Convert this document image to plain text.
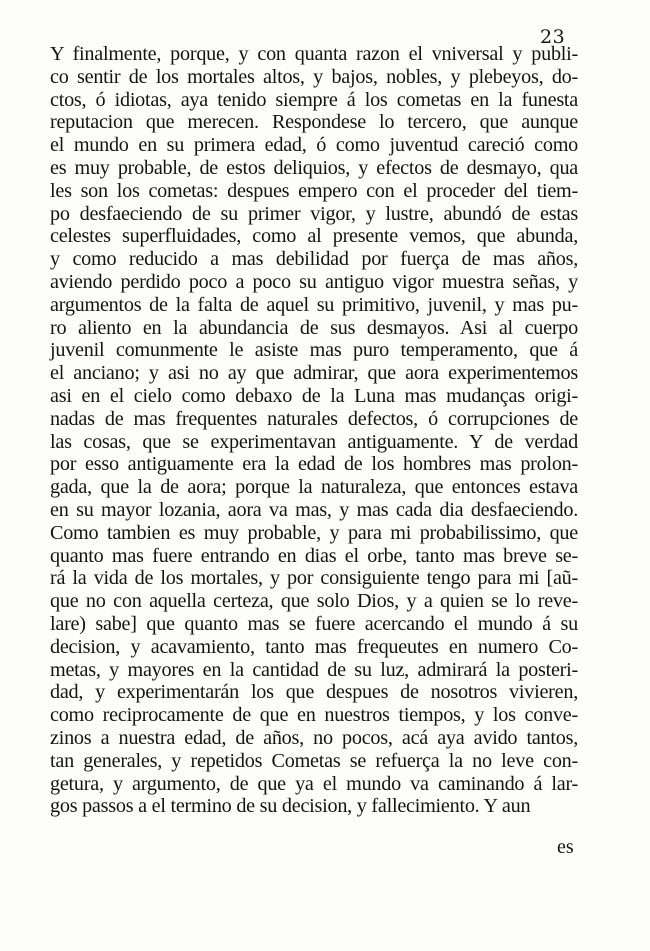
23
Y finalmente, porque, y con quanta razon el vniversal y publi-
co sentir de los mortales altos, y bajos, nobles, y plebeyos, do-
ctos, ó idiotas, aya tenido siempre á los cometas en la funesta
reputacion que merecen. Respondese lo tercero, que aunque
el mundo en su primera edad, ó como juventud careció como
es muy probable, de estos deliquios, y efectos de desmayo, qua
les son los cometas: despues empero con el proceder del tiem-
po desfaeciendo de su primer vigor, y lustre, abundó de estas
celestes superfluidades, como al presente vemos, que abunda,
y como reducido a mas debilidad por fuerça de mas años,
aviendo perdido poco a poco su antiguo vigor muestra señas, y
argumentos de la falta de aquel su primitivo, juvenil, y mas pu-
ro aliento en la abundancia de sus desmayos. Asi al cuerpo
juvenil comunmente le asiste mas puro temperamento, que á
el anciano; y asi no ay que admirar, que aora experimentemos
asi en el cielo como debaxo de la Luna mas mudanças origi-
nadas de mas frequentes naturales defectos, ó corrupciones de
las cosas, que se experimentavan antiguamente. Y de verdad
por esso antiguamente era la edad de los hombres mas prolon-
gada, que la de aora; porque la naturaleza, que entonces estava
en su mayor lozania, aora va mas, y mas cada dia desfaeciendo.
Como tambien es muy probable, y para mi probabilissimo, que
quanto mas fuere entrando en dias el orbe, tanto mas breve se-
rá la vida de los mortales, y por consiguiente tengo para mi [aũ-
que no con aquella certeza, que solo Dios, y a quien se lo reve-
lare) sabe] que quanto mas se fuere acercando el mundo á su
decision, y acavamiento, tanto mas frequeutes en numero Co-
metas, y mayores en la cantidad de su luz, admirará la posteri-
dad, y experimentarán los que despues de nosotros vivieren,
como reciprocamente de que en nuestros tiempos, y los conve-
zinos a nuestra edad, de años, no pocos, acá aya avido tantos,
tan generales, y repetidos Cometas se refuerça la no leve con-
getura, y argumento, de que ya el mundo va caminando á lar-
gos passos a el termino de su decision, y fallecimiento. Y aun
es
